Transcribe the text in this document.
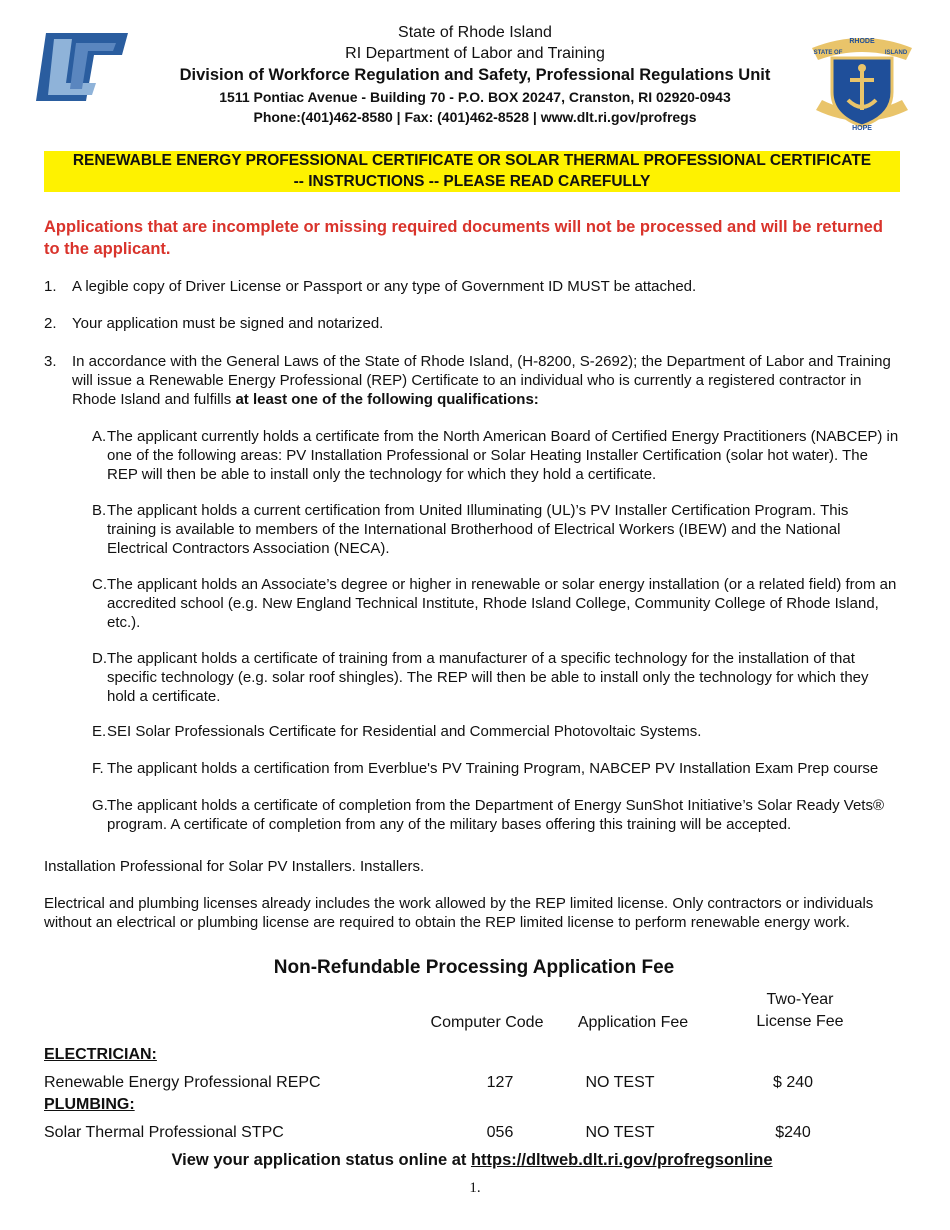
State of Rhode Island
RI Department of Labor and Training
Division of Workforce Regulation and Safety, Professional Regulations Unit
1511 Pontiac Avenue - Building 70 - P.O. BOX 20247, Cranston, RI 02920-0943
Phone:(401)462-8580 | Fax: (401)462-8528 | www.dlt.ri.gov/profregs
RHODE
STATE OF	ISLAND
HOPE
RENEWABLE ENERGY PROFESSIONAL CERTIFICATE OR SOLAR THERMAL PROFESSIONAL CERTIFICATE
-- INSTRUCTIONS -- PLEASE READ CAREFULLY
Applications that are incomplete or missing required documents will not be processed and will be returned to the applicant.
1. A legible copy of Driver License or Passport or any type of Government ID MUST be attached.
2. Your application must be signed and notarized.
3. In accordance with the General Laws of the State of Rhode Island, (H-8200, S-2692); the Department of Labor and Training will issue a Renewable Energy Professional (REP) Certificate to an individual who is currently a registered contractor in Rhode Island and fulfills at least one of the following qualifications:
A. The applicant currently holds a certificate from the North American Board of Certified Energy Practitioners (NABCEP) in one of the following areas: PV Installation Professional or Solar Heating Installer Certification (solar hot water). The REP will then be able to install only the technology for which they hold a certificate.
B. The applicant holds a current certification from United Illuminating (UL)’s PV Installer Certification Program. This training is available to members of the International Brotherhood of Electrical Workers (IBEW) and the National Electrical Contractors Association (NECA).
C. The applicant holds an Associate’s degree or higher in renewable or solar energy installation (or a related field) from an accredited school (e.g. New England Technical Institute, Rhode Island College, Community College of Rhode Island, etc.).
D. The applicant holds a certificate of training from a manufacturer of a specific technology for the installation of that specific technology (e.g. solar roof shingles). The REP will then be able to install only the technology for which they hold a certificate.
E. SEI Solar Professionals Certificate for Residential and Commercial Photovoltaic Systems.
F. The applicant holds a certification from Everblue's PV Training Program, NABCEP PV Installation Exam Prep course
G. The applicant holds a certificate of completion from the Department of Energy SunShot Initiative’s Solar Ready Vets® program. A certificate of completion from any of the military bases offering this training will be accepted.
Installation Professional for Solar PV Installers. Installers.
Electrical and plumbing licenses already includes the work allowed by the REP limited license. Only contractors or individuals without an electrical or plumbing license are required to obtain the REP limited license to perform renewable energy work.
Non-Refundable Processing Application Fee
Computer Code	Application Fee
Two-Year
License Fee
ELECTRICIAN:
Renewable Energy Professional REPC	127	NO TEST	$ 240
PLUMBING:
Solar Thermal Professional STPC	056	NO TEST	$240
View your application status online at https://dltweb.dlt.ri.gov/profregsonline
1.
